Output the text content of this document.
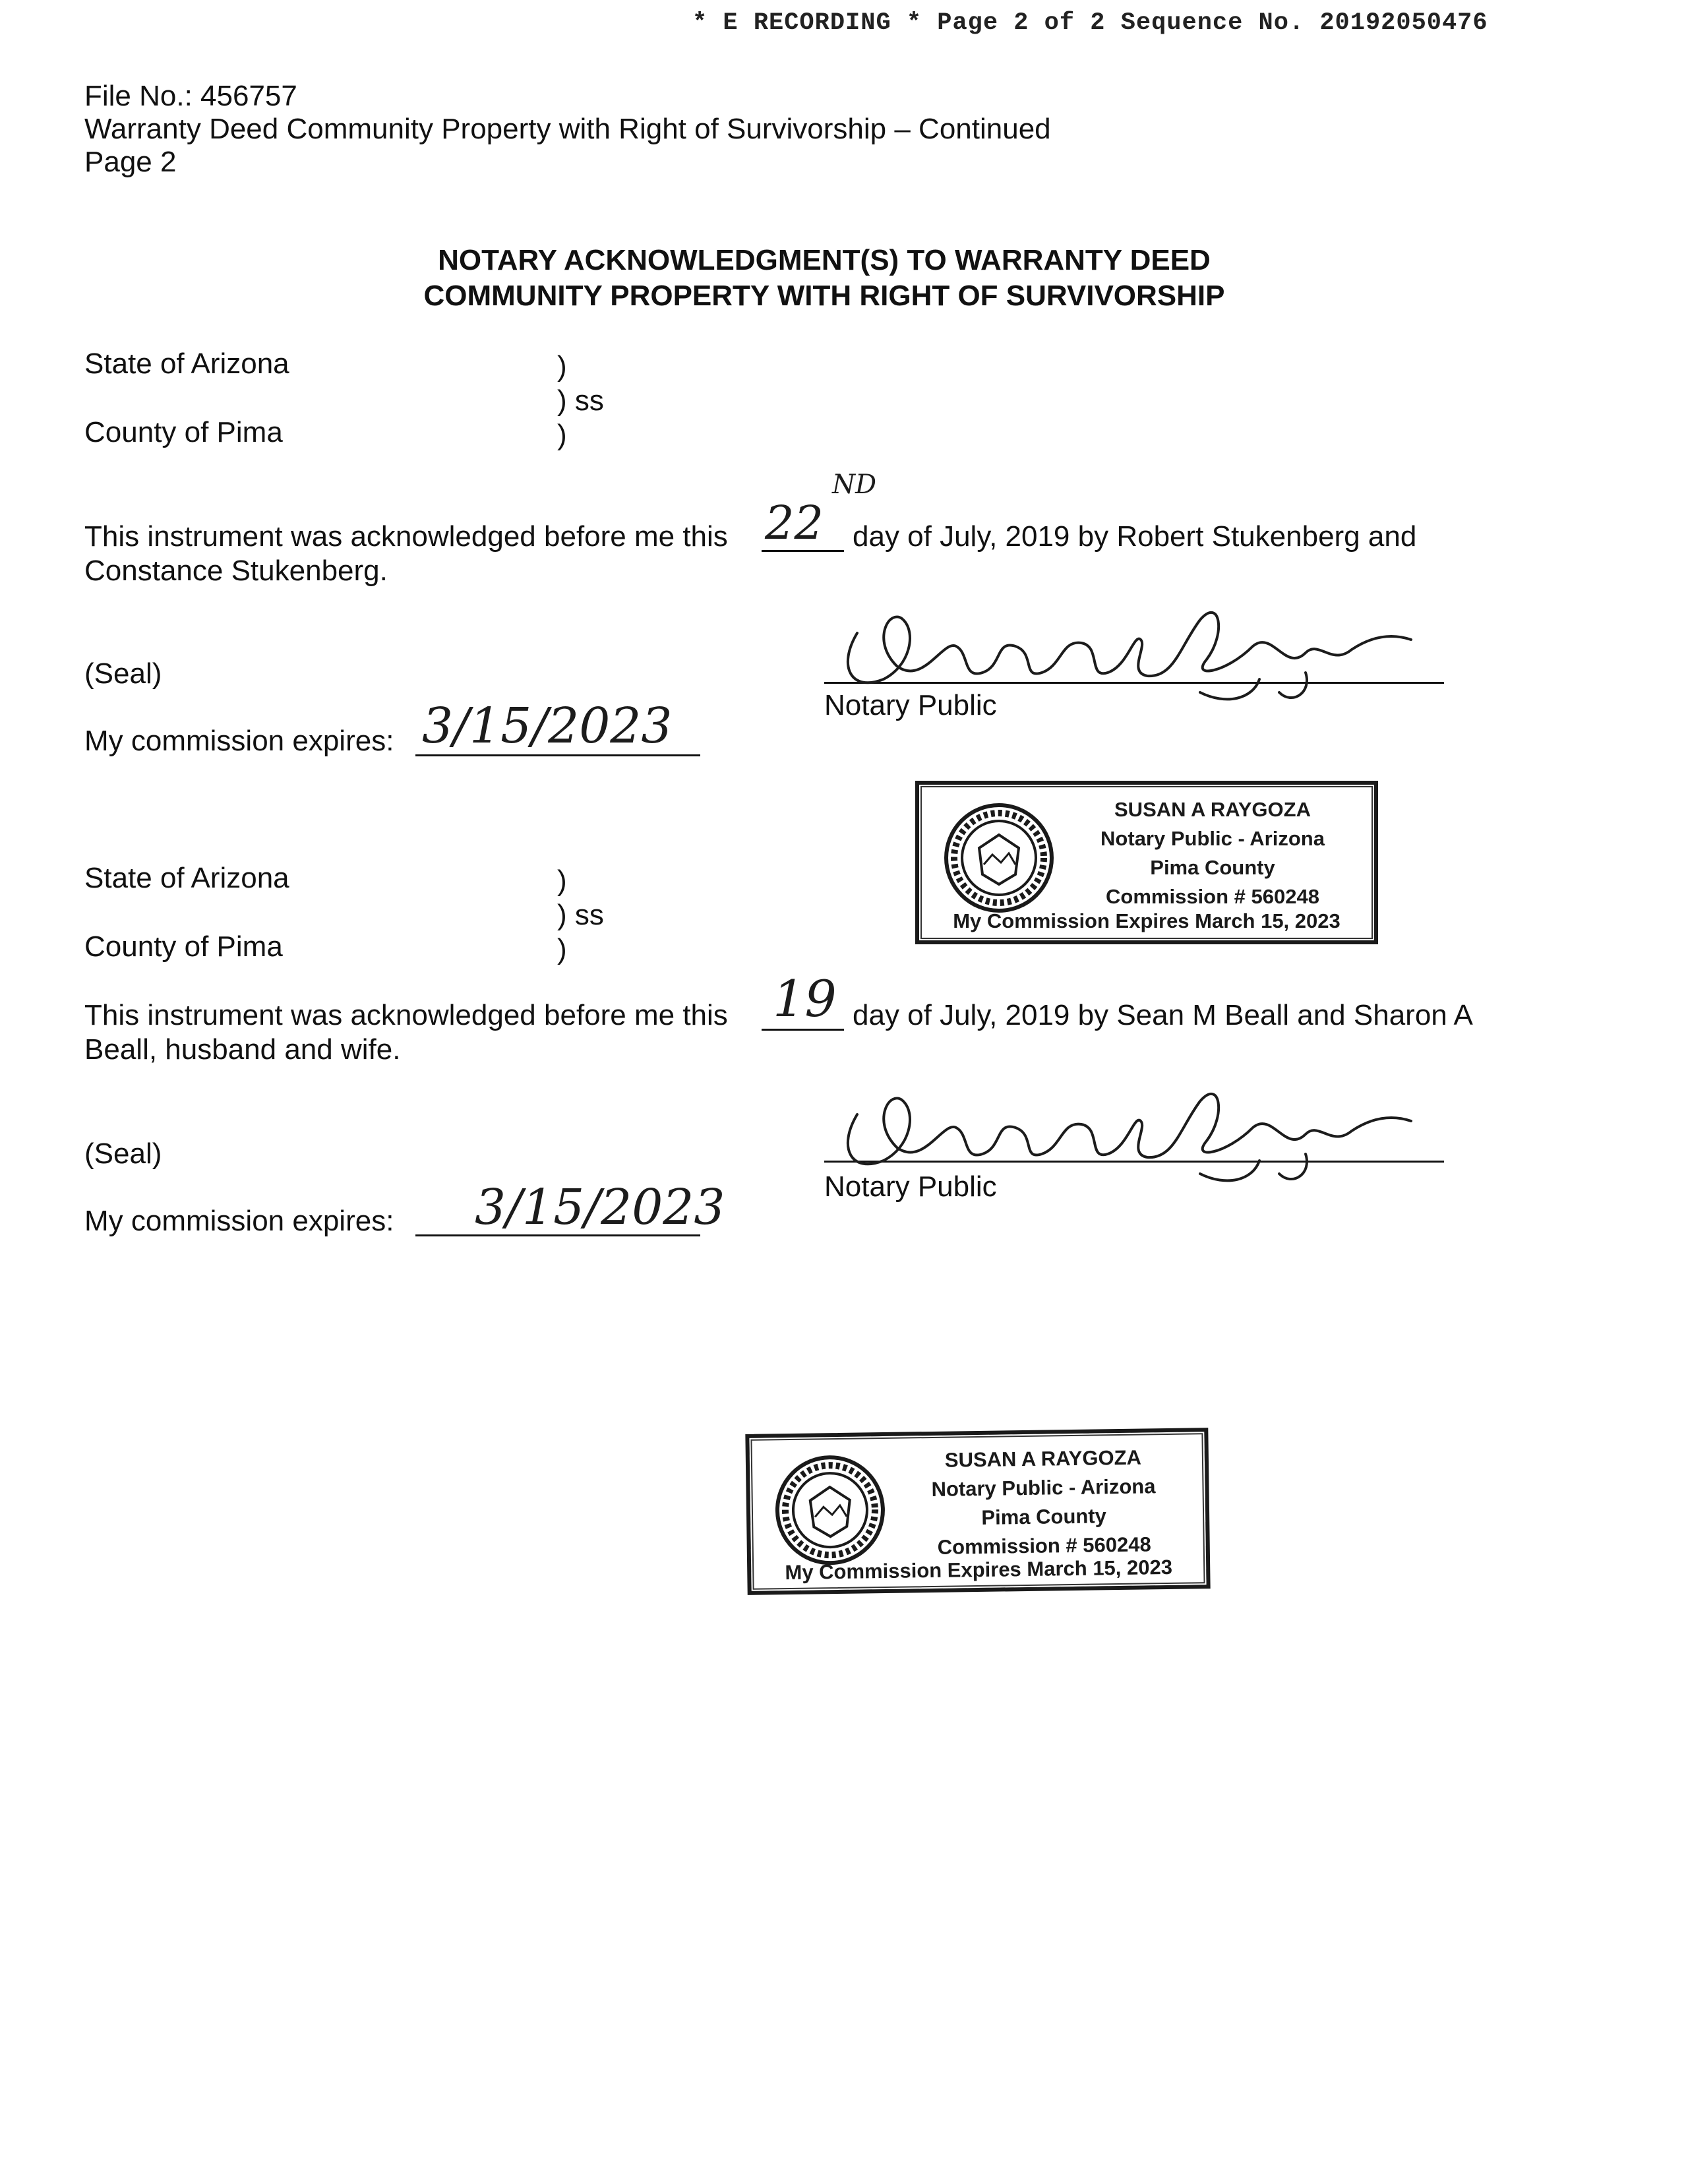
* E RECORDING * Page 2 of 2 Sequence No. 20192050476

File No.: 456757

Warranty Deed Community Property with Right of Survivorship – Continued

Page 2

NOTARY ACKNOWLEDGMENT(S) TO WARRANTY DEED

COMMUNITY PROPERTY WITH RIGHT OF SURVIVORSHIP

State of Arizona	)

) ss

County of Pima	)

This instrument was acknowledged before me this 22

ND

day of July, 2019 by Robert Stukenberg and

Constance Stukenberg.

(Seal)

My commission expires: 3/15/2023	Notary Public

SUSAN A RAYGOZA
Notary Public - Arizona
Pima County
Commission # 560248
My Commission Expires March 15, 2023

State of Arizona	)

) ss

County of Pima	)

This instrument was acknowledged before me this 19 day of July, 2019 by Sean M Beall and Sharon A

Beall, husband and wife.

(Seal)

My commission expires: 3/15/2023	Notary Public

SUSAN A RAYGOZA
Notary Public - Arizona
Pima County
Commission # 560248
My Commission Expires March 15, 2023
